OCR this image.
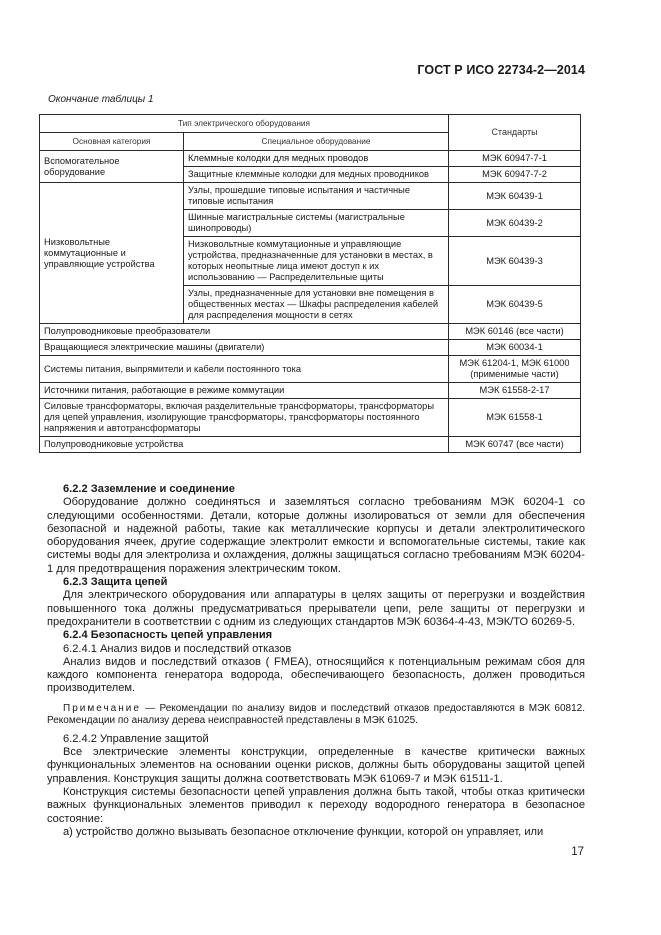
ГОСТ Р ИСО 22734-2—2014
Окончание таблицы 1
Тип электрического оборудования		Стандарты
Основная категория	Специальное оборудование	
Вспомогательное оборудование	Клеммные колодки для медных проводов	МЭК 60947-7-1
	Защитные клеммные колодки для медных проводников	МЭК 60947-7-2
Низковольтные коммутационные и управляющие устройства	Узлы, прошедшие типовые испытания и частичные типовые испытания	МЭК 60439-1
	Шинные магистральные системы (магистральные шинопроводы)	МЭК 60439-2
	Низковольтные коммутационные и управляющие устройства, предназначенные для установки в местах, в которых неопытные лица имеют доступ к их использованию — Распределительные щиты	МЭК 60439-3
	Узлы, предназначенные для установки вне помещения в общественных местах — Шкафы распределения кабелей для распределения мощности в сетях	МЭК 60439-5
Полупроводниковые преобразователи		МЭК 60146 (все части)
Вращающиеся электрические машины (двигатели)		МЭК 60034-1
Системы питания, выпрямители и кабели постоянного тока		МЭК 61204-1, МЭК 61000 (применимые части)
Источники питания, работающие в режиме коммутации		МЭК 61558-2-17
Силовые трансформаторы, включая разделительные трансформаторы, трансформаторы для цепей управления, изолирующие трансформаторы, трансформаторы постоянного напряжения и автотрансформаторы		МЭК 61558-1
Полупроводниковые устройства		МЭК 60747 (все части)

6.2.2 Заземление и соединение

Оборудование должно соединяться и заземляться согласно требованиям МЭК 60204-1 со следующими особенностями. Детали, которые должны изолироваться от земли для обеспечения безопасной и надежной работы, такие как металлические корпусы и детали электролитического оборудования ячеек, другие содержащие электролит емкости и вспомогательные системы, такие как системы воды для электролиза и охлаждения, должны защищаться согласно требованиям МЭК 60204-1 для предотвращения поражения электрическим током.

6.2.3 Защита цепей

Для электрического оборудования или аппаратуры в целях защиты от перегрузки и воздействия повышенного тока должны предусматриваться прерыватели цепи, реле защиты от перегрузки и предохранители в соответствии с одним из следующих стандартов МЭК 60364-4-43, МЭК/ТО 60269-5.

6.2.4 Безопасность цепей управления

6.2.4.1 Анализ видов и последствий отказов

Анализ видов и последствий отказов ( FMEA), относящийся к потенциальным режимам сбоя для каждого компонента генератора водорода, обеспечивающего безопасность, должен проводиться производителем.

Примечание — Рекомендации по анализу видов и последствий отказов предоставляются в МЭК 60812. Рекомендации по анализу дерева неисправностей представлены в МЭК 61025.

6.2.4.2 Управление защитой

Все электрические элементы конструкции, определенные в качестве критически важных функциональных элементов на основании оценки рисков, должны быть оборудованы защитой цепей управления. Конструкция защиты должна соответствовать МЭК 61069-7 и МЭК 61511-1.

Конструкция системы безопасности цепей управления должна быть такой, чтобы отказ критически важных функциональных элементов приводил к переходу водородного генератора в безопасное состояние:

а) устройство должно вызывать безопасное отключение функции, которой он управляет, или

17
